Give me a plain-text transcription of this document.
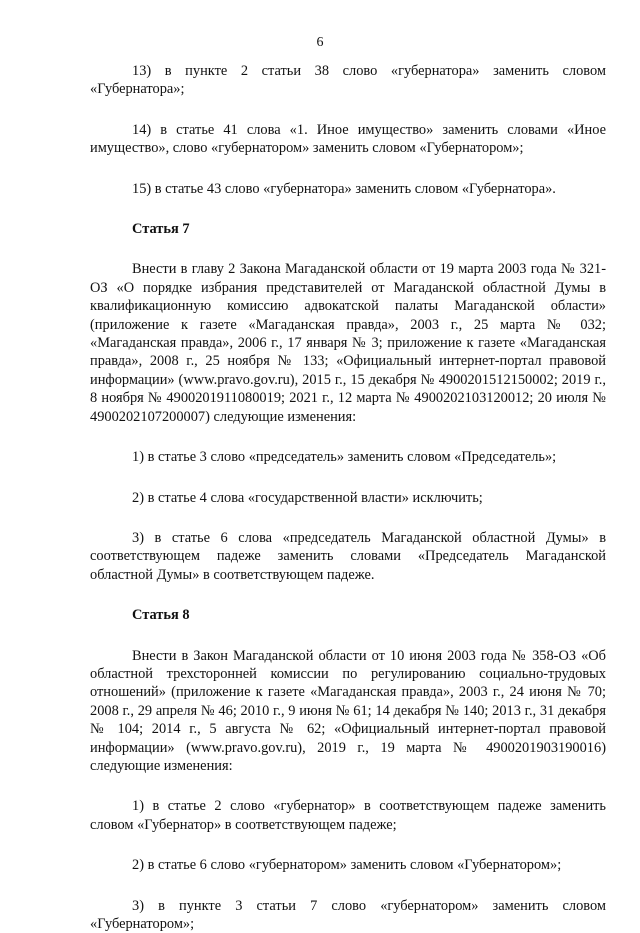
6

13) в пункте 2 статьи 38 слово «губернатора» заменить словом «Губернатора»;

14) в статье 41 слова «1. Иное имущество» заменить словами «Иное имущество», слово «губернатором» заменить словом «Губернатором»;

15) в статье 43 слово «губернатора» заменить словом «Губернатора».

Статья 7

Внести в главу 2 Закона Магаданской области от 19 марта 2003 года № 321-ОЗ «О порядке избрания представителей от Магаданской областной Думы в квалификационную комиссию адвокатской палаты Магаданской области» (приложение к газете «Магаданская правда», 2003 г., 25 марта № 032; «Магаданская правда», 2006 г., 17 января № 3; приложение к газете «Магаданская правда», 2008 г., 25 ноября № 133; «Официальный интернет-портал правовой информации» (www.pravo.gov.ru), 2015 г., 15 декабря № 4900201512150002; 2019 г., 8 ноября № 4900201911080019; 2021 г., 12 марта № 4900202103120012; 20 июля № 4900202107200007) следующие изменения:

1) в статье 3 слово «председатель» заменить словом «Председатель»;

2) в статье 4 слова «государственной власти» исключить;

3) в статье 6 слова «председатель Магаданской областной Думы» в соответствующем падеже заменить словами «Председатель Магаданской областной Думы» в соответствующем падеже.

Статья 8

Внести в Закон Магаданской области от 10 июня 2003 года № 358-ОЗ «Об областной трехсторонней комиссии по регулированию социально-трудовых отношений» (приложение к газете «Магаданская правда», 2003 г., 24 июня № 70; 2008 г., 29 апреля № 46; 2010 г., 9 июня № 61; 14 декабря № 140; 2013 г., 31 декабря № 104; 2014 г., 5 августа № 62; «Официальный интернет-портал правовой информации» (www.pravo.gov.ru), 2019 г., 19 марта № 4900201903190016) следующие изменения:

1) в статье 2 слово «губернатор» в соответствующем падеже заменить словом «Губернатор» в соответствующем падеже;

2) в статье 6 слово «губернатором» заменить словом «Губернатором»;

3) в пункте 3 статьи 7 слово «губернатором» заменить словом «Губернатором»;
